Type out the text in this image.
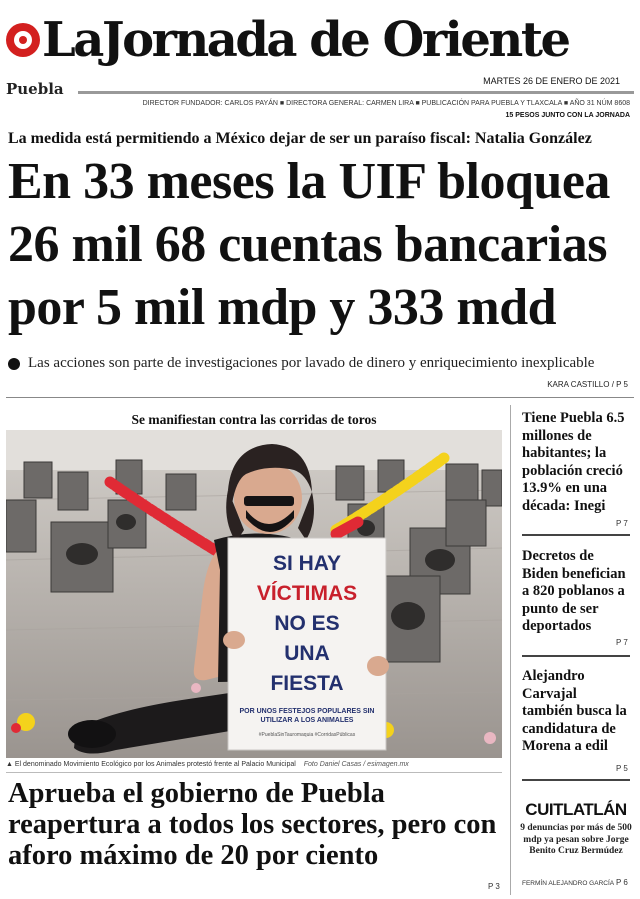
LaJornada de Oriente
Puebla	MARTES 26 DE ENERO DE 2021
DIRECTOR FUNDADOR: CARLOS PAYÁN ■ DIRECTORA GENERAL: CARMEN LIRA ■ PUBLICACIÓN PARA PUEBLA Y TLAXCALA ■ AÑO 31 NÚM 8608
15 PESOS JUNTO CON LA JORNADA
La medida está permitiendo a México dejar de ser un paraíso fiscal: Natalia González
En 33 meses la UIF bloquea
26 mil 68 cuentas bancarias
por 5 mil mdp y 333 mdd
Las acciones son parte de investigaciones por lavado de dinero y enriquecimiento inexplicable
KARA CASTILLO / P 5
Se manifiestan contra las corridas de toros
SI HAY
VÍCTIMAS
NO ES
UNA
FIESTA
POR UNOS FESTEJOS POPULARES SIN UTILIZAR A LOS ANIMALES
#PueblaSinTauromaquia #CorridasPúblicas
▲ El denominado Movimiento Ecológico por los Animales protestó frente al Palacio Municipal Foto Daniel Casas / esimagen.mx
Aprueba el gobierno de Puebla reapertura a todos los sectores, pero con aforo máximo de 20 por ciento
P 3
Tiene Puebla 6.5 millones de habitantes; la población creció 13.9% en una década: Inegi
P 7
Decretos de Biden benefician a 820 poblanos a punto de ser deportados
P 7
Alejandro Carvajal también busca la candidatura de Morena a edil
P 5
CUITLATLÁN
9 denuncias por más de 500 mdp ya pesan sobre Jorge Benito Cruz Bermúdez
FERMÍN ALEJANDRO GARCÍA P 6
